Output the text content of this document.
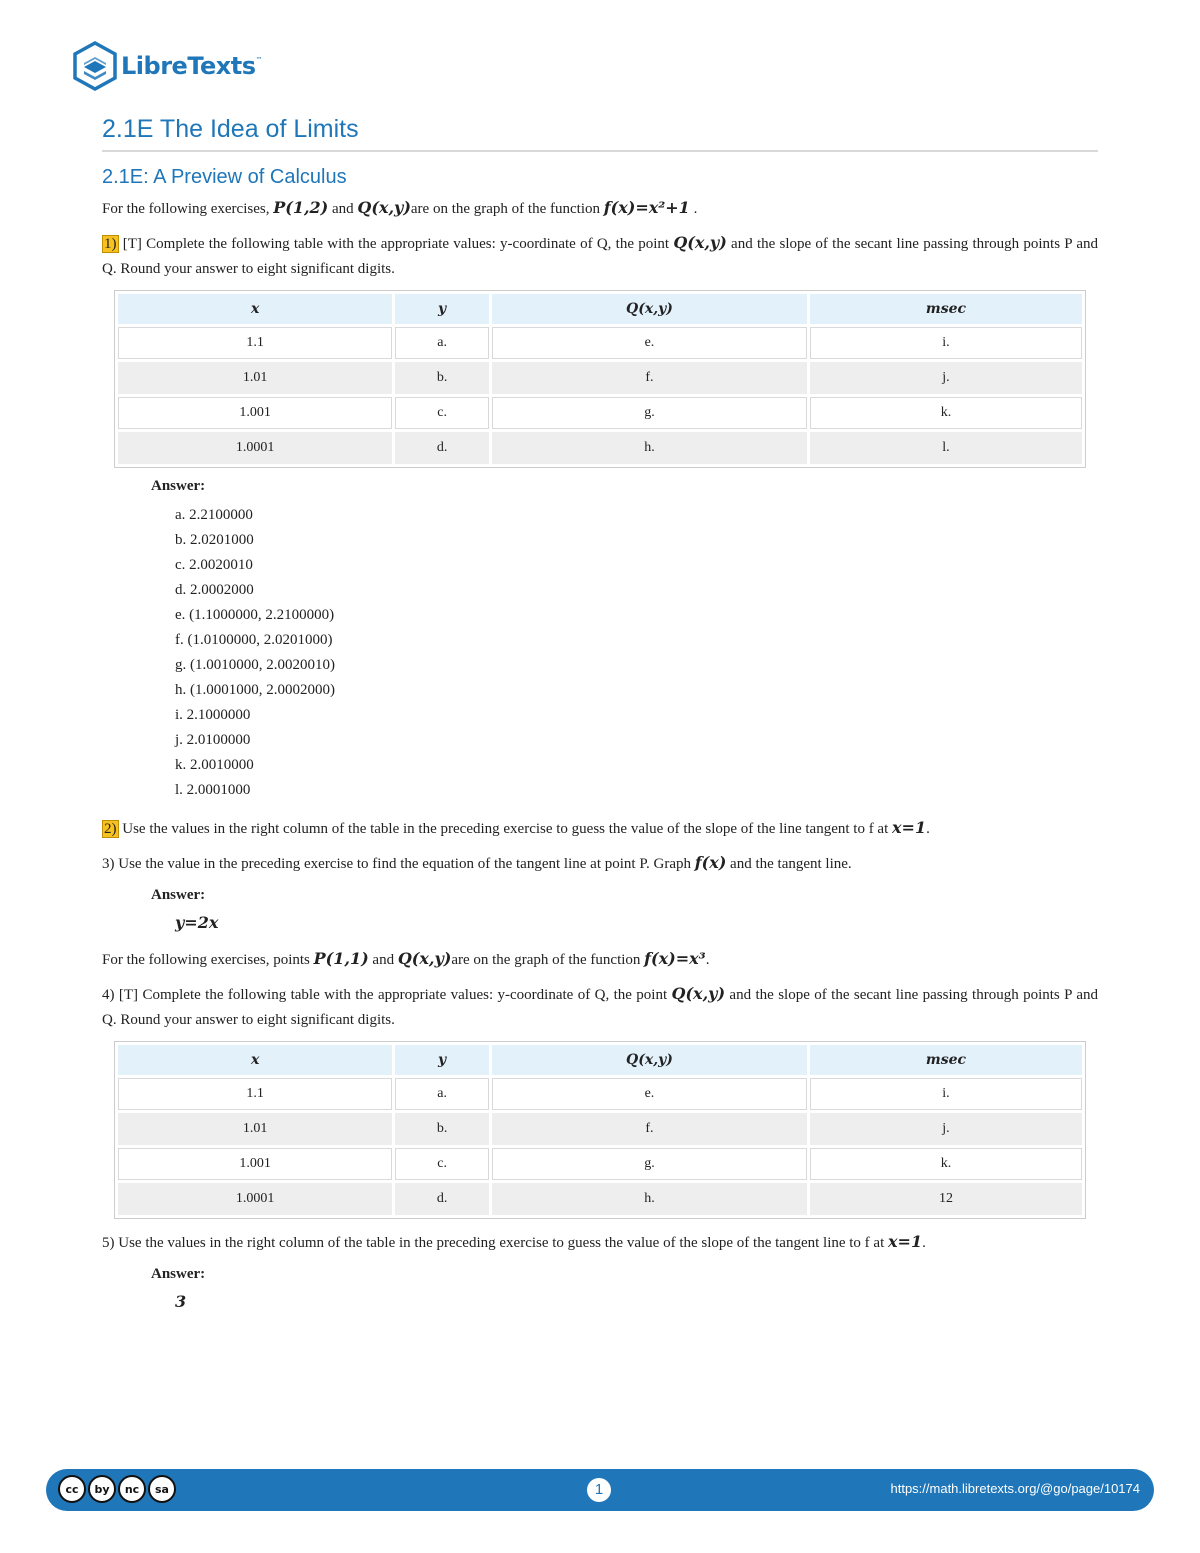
LibreTexts ™
2.1E The Idea of Limits
2.1E: A Preview of Calculus

For the following exercises, P(1,2) and Q(x,y)are on the graph of the function f(x)=x²+1 .

1) [T] Complete the following table with the appropriate values: y-coordinate of Q, the point Q(x,y) and the slope of the secant line passing through points P and Q. Round your answer to eight significant digits.

x	y	Q(x,y)	msec
1.1	a.	e.	i.
1.01	b.	f.	j.
1.001	c.	g.	k.
1.0001	d.	h.	l.
Answer:
a. 2.2100000
b. 2.0201000
c. 2.0020010
d. 2.0002000
e. (1.1000000, 2.2100000)
f. (1.0100000, 2.0201000)
g. (1.0010000, 2.0020010)
h. (1.0001000, 2.0002000)
i. 2.1000000
j. 2.0100000
k. 2.0010000
l. 2.0001000

2) Use the values in the right column of the table in the preceding exercise to guess the value of the slope of the line tangent to f at x=1.

3) Use the value in the preceding exercise to find the equation of the tangent line at point P. Graph f(x) and the tangent line.

Answer:
y=2x

For the following exercises, points P(1,1) and Q(x,y)are on the graph of the function f(x)=x³.

4) [T] Complete the following table with the appropriate values: y-coordinate of Q, the point Q(x,y) and the slope of the secant line passing through points P and Q. Round your answer to eight significant digits.

x	y	Q(x,y)	msec
1.1	a.	e.	i.
1.01	b.	f.	j.
1.001	c.	g.	k.
1.0001	d.	h.	12

5) Use the values in the right column of the table in the preceding exercise to guess the value of the slope of the tangent line to f at x=1.

Answer:
3
cc	by	nc	sa	1	https://math.libretexts.org/@go/page/10174
